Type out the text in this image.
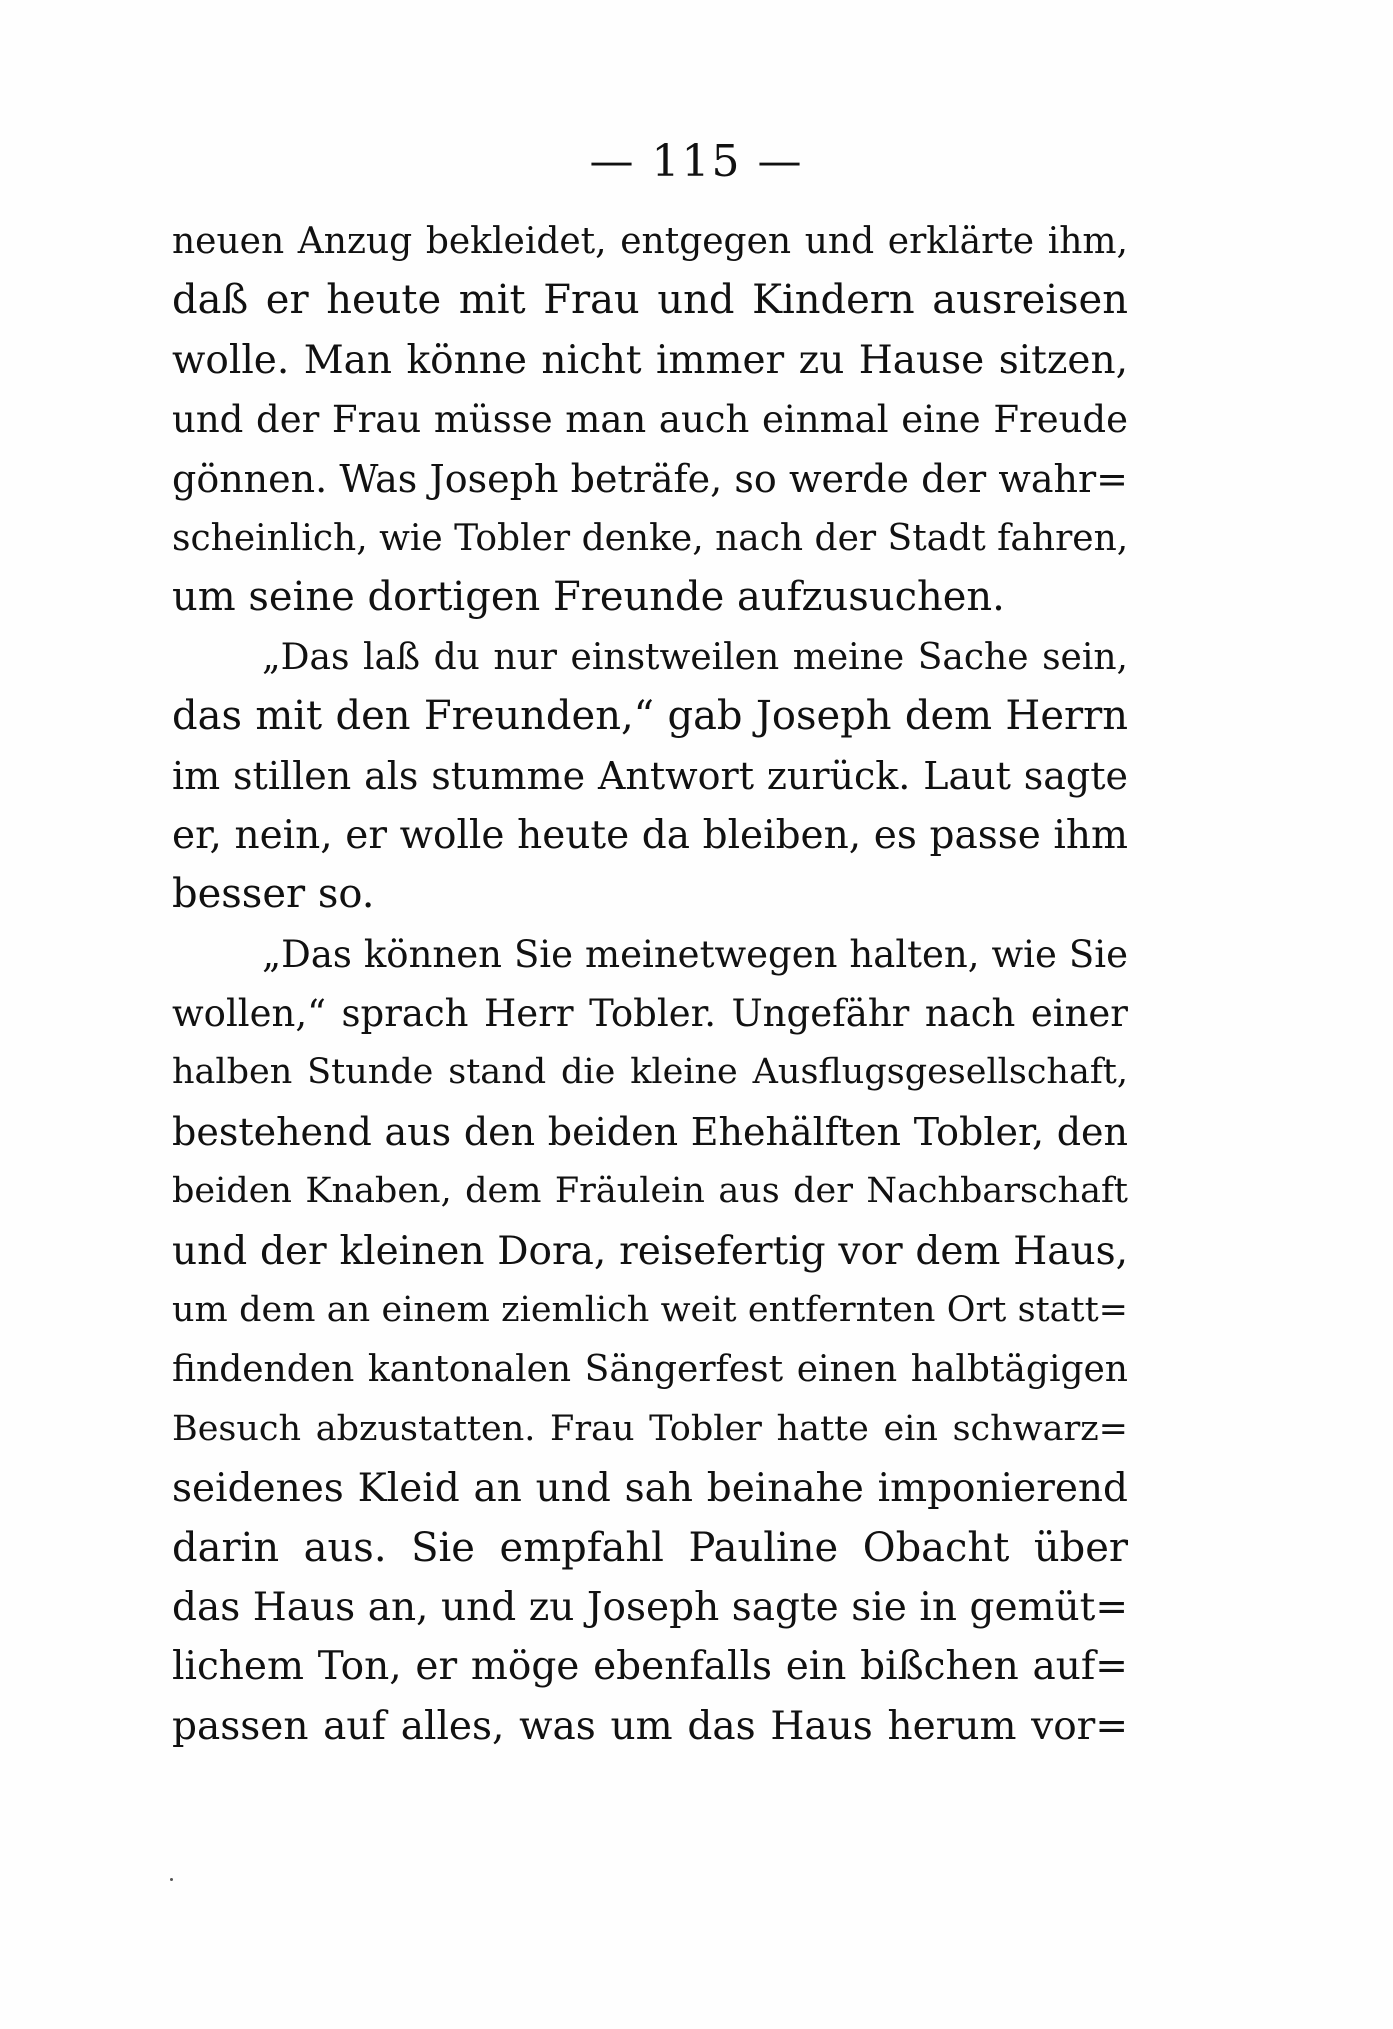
— 115 —
neuen Anzug bekleidet, entgegen und erklärte ihm,
daß er heute mit Frau und Kindern ausreisen
wolle. Man könne nicht immer zu Hause sitzen,
und der Frau müsse man auch einmal eine Freude
gönnen. Was Joseph beträfe, so werde der wahr=
scheinlich, wie Tobler denke, nach der Stadt fahren,
um seine dortigen Freunde aufzusuchen.
„Das laß du nur einstweilen meine Sache sein,
das mit den Freunden,“ gab Joseph dem Herrn
im stillen als stumme Antwort zurück. Laut sagte
er, nein, er wolle heute da bleiben, es passe ihm
besser so.
„Das können Sie meinetwegen halten, wie Sie
wollen,“ sprach Herr Tobler. Ungefähr nach einer
halben Stunde stand die kleine Ausflugsgesellschaft,
bestehend aus den beiden Ehehälften Tobler, den
beiden Knaben, dem Fräulein aus der Nachbarschaft
und der kleinen Dora, reisefertig vor dem Haus,
um dem an einem ziemlich weit entfernten Ort statt=
findenden kantonalen Sängerfest einen halbtägigen
Besuch abzustatten. Frau Tobler hatte ein schwarz=
seidenes Kleid an und sah beinahe imponierend
darin aus. Sie empfahl Pauline Obacht über
das Haus an, und zu Joseph sagte sie in gemüt=
lichem Ton, er möge ebenfalls ein bißchen auf=
passen auf alles, was um das Haus herum vor=
